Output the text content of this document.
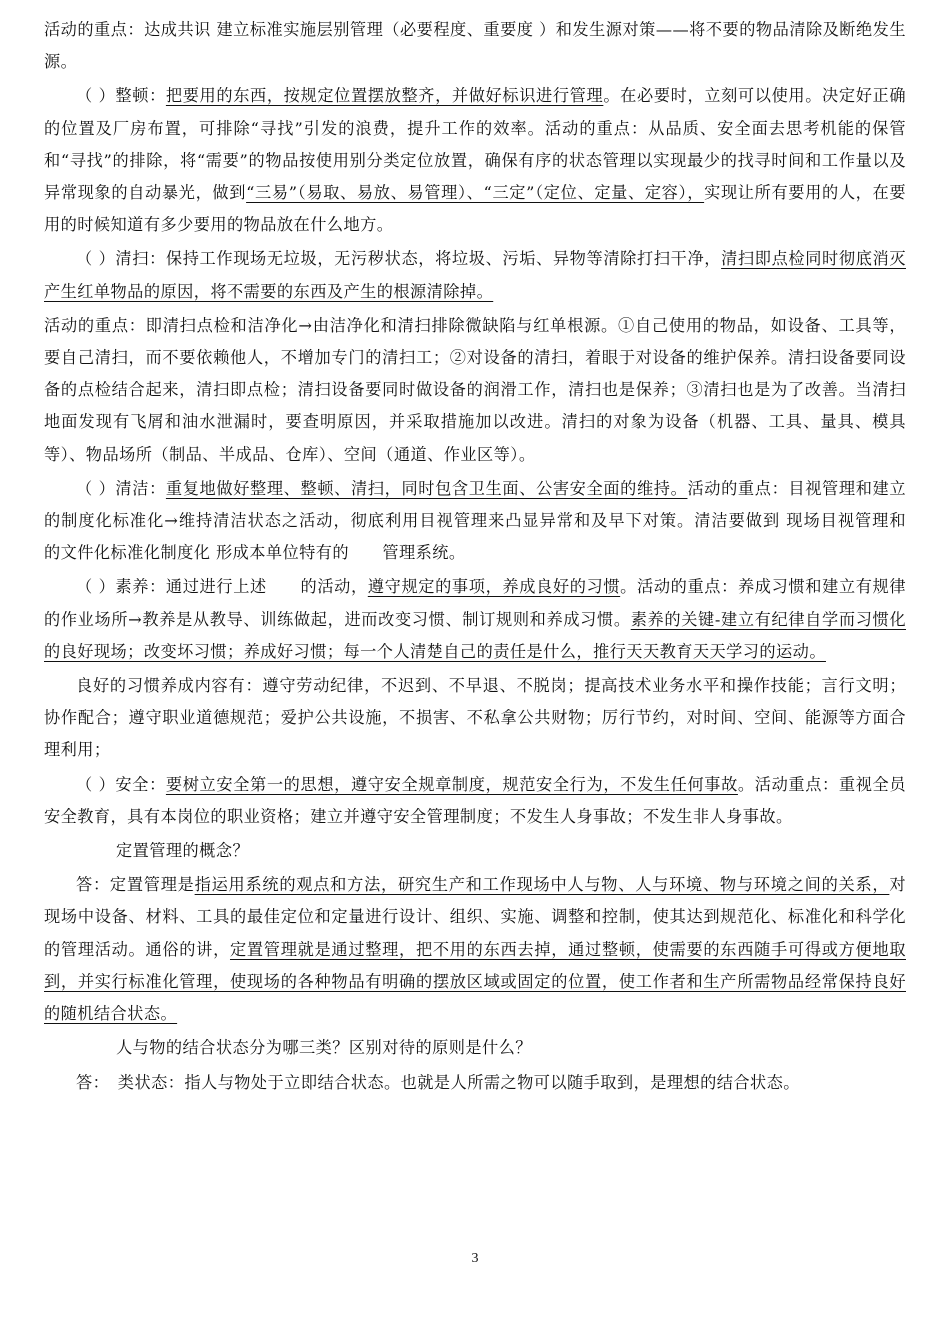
活动的重点：达成共识 建立标准实施层别管理（必要程度、重要度 ）和发生源对策——将不要的物品清除及断绝发生源。

（ ）整顿：把要用的东西，按规定位置摆放整齐，并做好标识进行管理。在必要时，立刻可以使用。决定好正确的位置及厂房布置，可排除“寻找”引发的浪费，提升工作的效率。活动的重点：从品质、安全面去思考机能的保管和“寻找”的排除，将“需要”的物品按使用别分类定位放置，确保有序的状态管理以实现最少的找寻时间和工作量以及异常现象的自动暴光，做到“三易”（易取、易放、易管理）、“三定”（定位、定量、定容），实现让所有要用的人，在要用的时候知道有多少要用的物品放在什么地方。

（ ）清扫：保持工作现场无垃圾，无污秽状态，将垃圾、污垢、异物等清除打扫干净，清扫即点检同时彻底消灭产生红单物品的原因，将不需要的东西及产生的根源清除掉。

活动的重点：即清扫点检和洁净化→由洁净化和清扫排除微缺陷与红单根源。①自己使用的物品，如设备、工具等，要自己清扫，而不要依赖他人，不增加专门的清扫工；②对设备的清扫，着眼于对设备的维护保养。清扫设备要同设备的点检结合起来，清扫即点检；清扫设备要同时做设备的润滑工作，清扫也是保养；③清扫也是为了改善。当清扫地面发现有飞屑和油水泄漏时，要查明原因，并采取措施加以改进。清扫的对象为设备（机器、工具、量具、模具等）、物品场所（制品、半成品、仓库）、空间（通道、作业区等）。

（ ）清洁：重复地做好整理、整顿、清扫，同时包含卫生面、公害安全面的维持。活动的重点：目视管理和建立　　的制度化标准化→维持清洁状态之活动，彻底利用目视管理来凸显异常和及早下对策。清洁要做到 现场目视管理和　　的文件化标准化制度化 形成本单位特有的　　管理系统。

（ ）素养：通过进行上述　　的活动，遵守规定的事项，养成良好的习惯。活动的重点：养成习惯和建立有规律的作业场所→教养是从教导、训练做起，进而改变习惯、制订规则和养成习惯。素养的关键-建立有纪律自学而习惯化的良好现场；改变坏习惯；养成好习惯；每一个人清楚自己的责任是什么，推行天天教育天天学习的运动。

良好的习惯养成内容有：遵守劳动纪律，不迟到、不早退、不脱岗；提高技术业务水平和操作技能；言行文明；协作配合；遵守职业道德规范；爱护公共设施，不损害、不私拿公共财物；厉行节约，对时间、空间、能源等方面合理利用；

（ ）安全：要树立安全第一的思想，遵守安全规章制度，规范安全行为，不发生任何事故。活动重点：重视全员安全教育，具有本岗位的职业资格；建立并遵守安全管理制度；不发生人身事故；不发生非人身事故。

定置管理的概念？

答：定置管理是指运用系统的观点和方法，研究生产和工作现场中人与物、人与环境、物与环境之间的关系，对现场中设备、材料、工具的最佳定位和定量进行设计、组织、实施、调整和控制，使其达到规范化、标准化和科学化的管理活动。通俗的讲，定置管理就是通过整理，把不用的东西去掉，通过整顿，使需要的东西随手可得或方便地取到，并实行标准化管理，使现场的各种物品有明确的摆放区域或固定的位置，使工作者和生产所需物品经常保持良好的随机结合状态。

人与物的结合状态分为哪三类？区别对待的原则是什么？

答：　类状态：指人与物处于立即结合状态。也就是人所需之物可以随手取到，是理想的结合状态。

3
